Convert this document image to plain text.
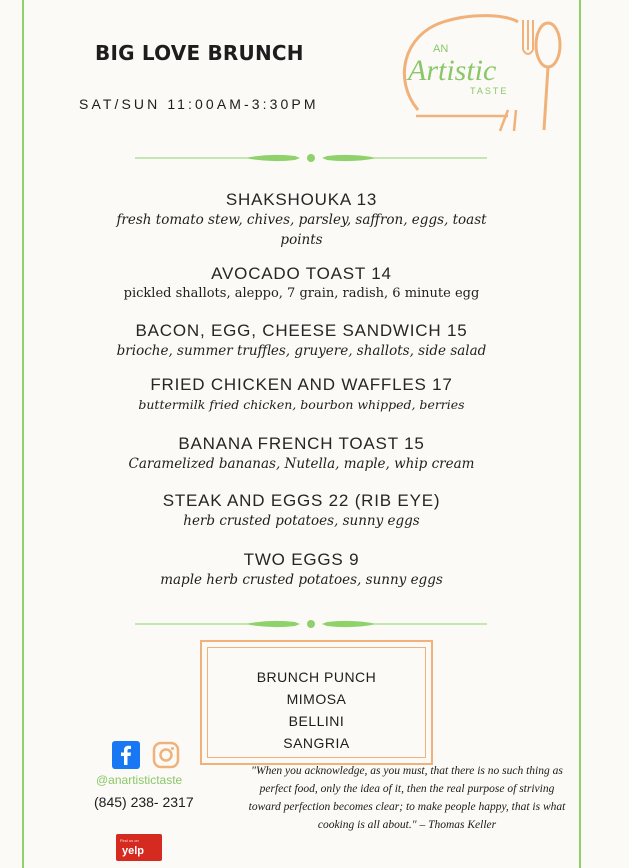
BIG LOVE BRUNCH
SAT/SUN 11:00AM-3:30PM
AN
Artistic
TASTE
SHAKSHOUKA 13
fresh tomato stew, chives, parsley, saffron, eggs, toast points
AVOCADO TOAST 14
pickled shallots, aleppo, 7 grain, radish, 6 minute egg
BACON, EGG, CHEESE SANDWICH 15
brioche, summer truffles, gruyere, shallots, side salad
FRIED CHICKEN AND WAFFLES 17
buttermilk fried chicken, bourbon whipped, berries
BANANA FRENCH TOAST 15
Caramelized bananas, Nutella, maple, whip cream
STEAK AND EGGS 22 (RIB EYE)
herb crusted potatoes, sunny eggs
TWO EGGS 9
maple herb crusted potatoes, sunny eggs
BRUNCH PUNCH
MIMOSA
BELLINI
SANGRIA
@anartistictaste
(845) 238- 2317
Find us on
yelp
"When you acknowledge, as you must, that there is no such thing as perfect food, only the idea of it, then the real purpose of striving toward perfection becomes clear; to make people happy, that is what cooking is all about." – Thomas Keller
